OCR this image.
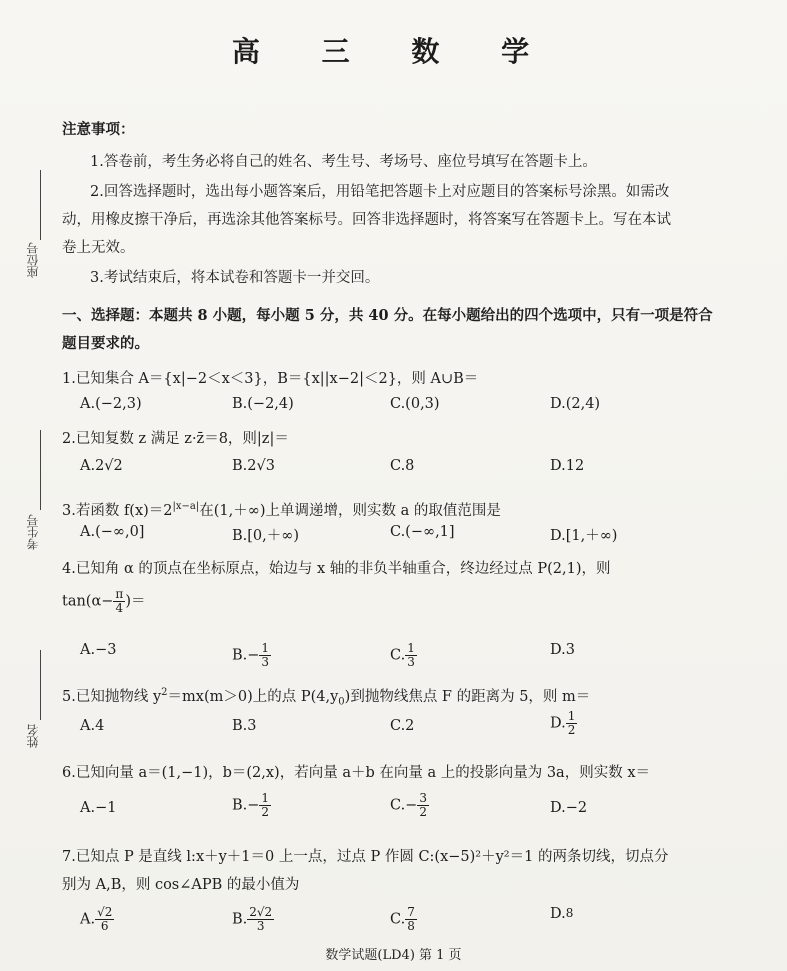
高 三 数 学
座位号
考生号
姓名
注意事项：
1.答卷前，考生务必将自己的姓名、考生号、考场号、座位号填写在答题卡上。
2.回答选择题时，选出每小题答案后，用铅笔把答题卡上对应题目的答案标号涂黑。如需改
动，用橡皮擦干净后，再选涂其他答案标号。回答非选择题时，将答案写在答题卡上。写在本试
卷上无效。
3.考试结束后，将本试卷和答题卡一并交回。
一、选择题：本题共 8 小题，每小题 5 分，共 40 分。在每小题给出的四个选项中，只有一项是符合
题目要求的。
1.已知集合 A＝{x|−2＜x＜3}，B＝{x||x−2|＜2}，则 A∪B＝
A.(−2,3)	B.(−2,4)	C.(0,3)	D.(2,4)
2.已知复数 z 满足 z·z̄＝8，则|z|＝
A.2√2	B.2√3	C.8	D.12
3.若函数 $f(x)=2^{|x-a|}$在(1,＋∞)上单调递增，则实数 a 的取值范围是
A.(−∞,0]	B.[0,＋∞)	C.(−∞,1]	D.[1,＋∞)
4.已知角 α 的顶点在坐标原点，始边与 x 轴的非负半轴重合，终边经过点 P(2,1)，则
$\tan(\alpha- \frac{\pi}{4}$ )＝
A.−3	$B.- \frac{1}{3}$	C. $\frac{1}{3}$	D.3
5.已知抛物线 $y^2=mx(m>0)$上的点 $P(4,y_0)$到抛物线焦点 F 的距离为 5，则 m＝
A.4	B.3	C.2	D. $\frac{1}{2}$
6.已知向量 a＝(1,−1)，b＝(2,x)，若向量 a＋b 在向量 a 上的投影向量为 3a，则实数 x＝
A.−1	$B.- \frac{1}{2}$	$C.- \frac{3}{2}$	D.−2
7.已知点 P 是直线 l:x＋y＋1＝0 上一点，过点 P 作圆 C:(x−5)²＋y²＝1 的两条切线，切点分
别为 A,B，则 cos∠APB 的最小值为
A. $\frac{√2}{6}$	B. $\frac{2√2}{3}$	C. $\frac{7}{8}$	D.$^8$
数学试题(LD4) 第 1 页
